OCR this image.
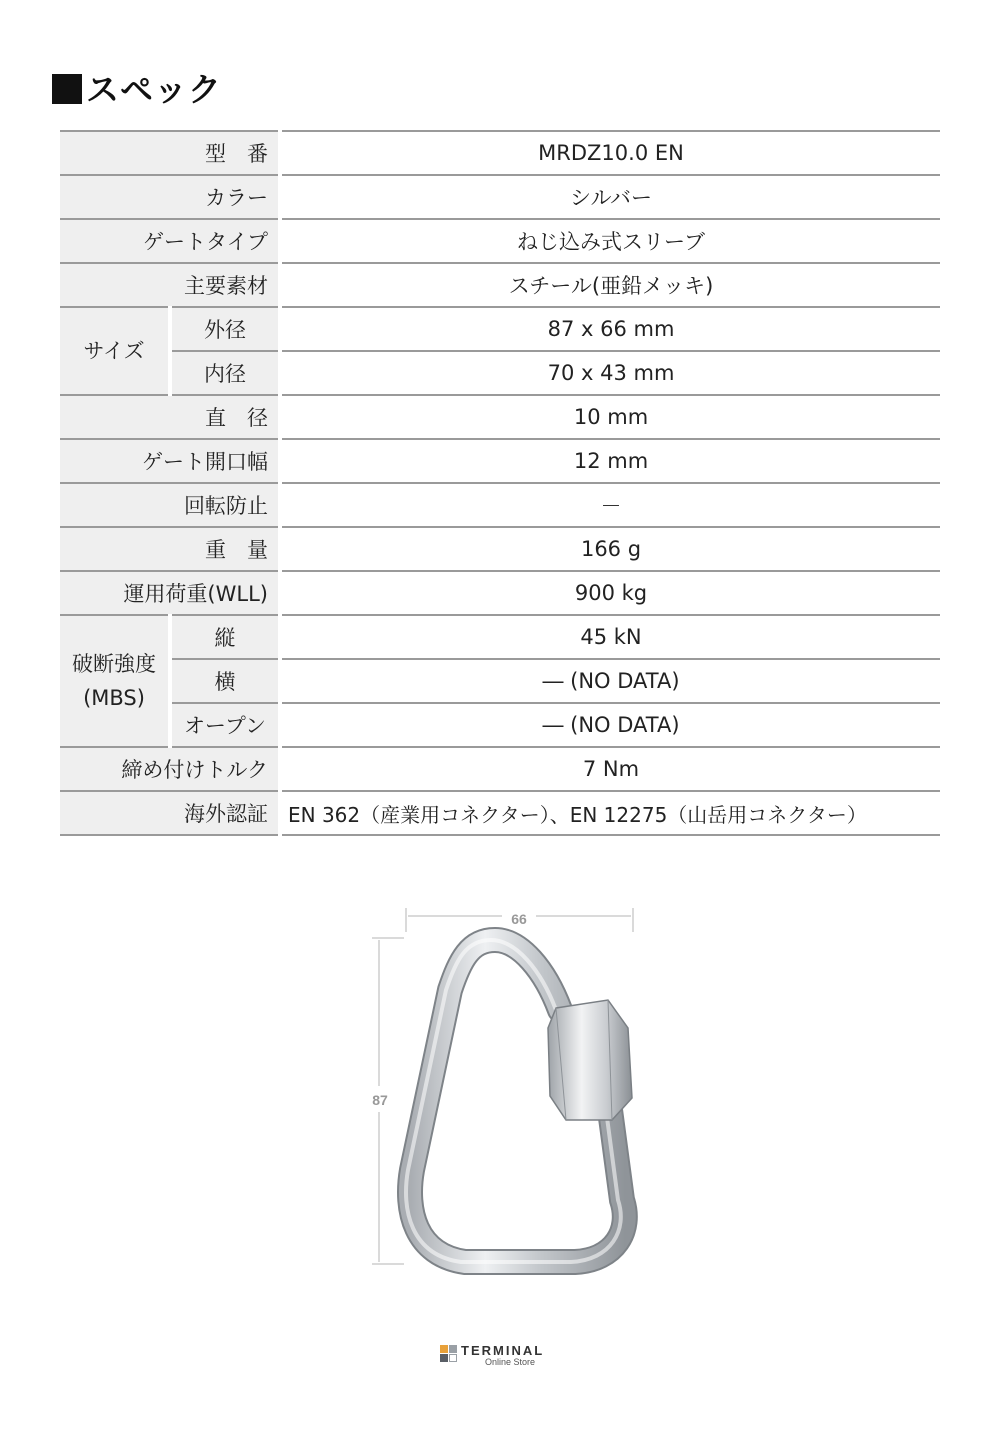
スペック
型　番		MRDZ10.0 EN
カラー		シルバー
ゲートタイプ		ねじ込み式スリーブ
主要素材		スチール(亜鉛メッキ)
サイズ	外径	87 x 66 mm
	内径	70 x 43 mm
直　径		10 mm
ゲート開口幅		12 mm
回転防止		－
重　量		166 g
運用荷重(WLL)		900 kg
破断強度
(MBS)	縦	45 kN
	横	― (NO DATA)
	オープン	― (NO DATA)
締め付けトルク		7 Nm
海外認証		EN 362（産業用コネクター）、EN 12275（山岳用コネクター）
66
87
TERMINAL
Online Store
